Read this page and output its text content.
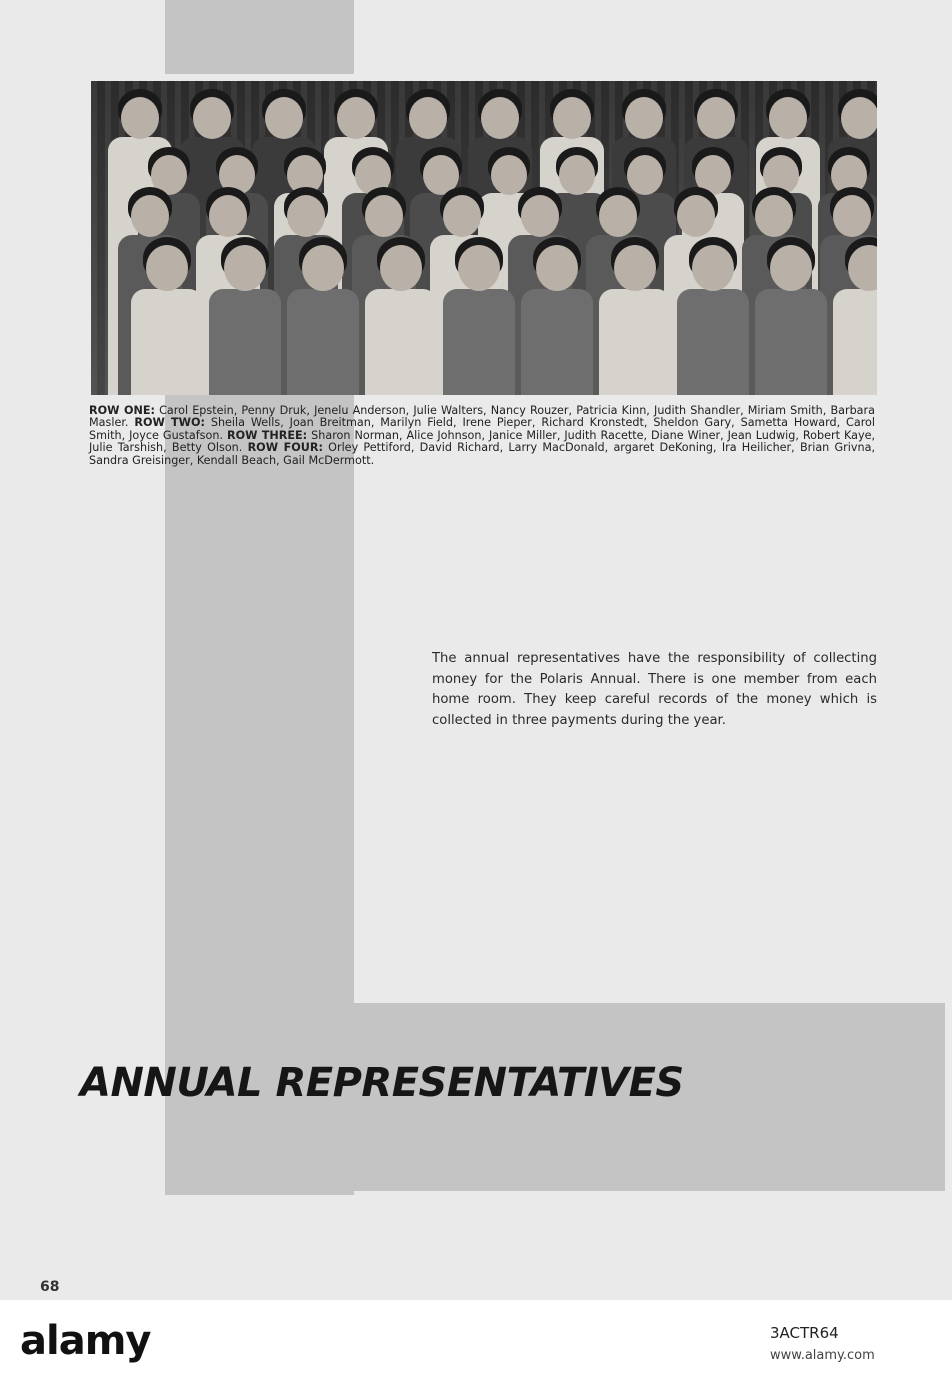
ROW ONE: Carol Epstein, Penny Druk, Jenelu Anderson, Julie Walters, Nancy Rouzer, Patricia Kinn, Judith Shandler, Miriam Smith, Barbara Masler. ROW TWO: Sheila Wells, Joan Breitman, Marilyn Field, Irene Pieper, Richard Kronstedt, Sheldon Gary, Sametta Howard, Carol Smith, Joyce Gustafson. ROW THREE: Sharon Norman, Alice Johnson, Janice Miller, Judith Racette, Diane Winer, Jean Ludwig, Robert Kaye, Julie Tarshish, Betty Olson. ROW FOUR: Orley Pettiford, David Richard, Larry MacDonald, argaret DeKoning, Ira Heilicher, Brian Grivna, Sandra Greisinger, Kendall Beach, Gail McDermott.
The annual representatives have the responsibility of collecting money for the Polaris Annual. There is one member from each home room. They keep careful records of the money which is collected in three payments during the year.
ANNUAL REPRESENTATIVES
68
alamy	3ACTR64
www.alamy.com
